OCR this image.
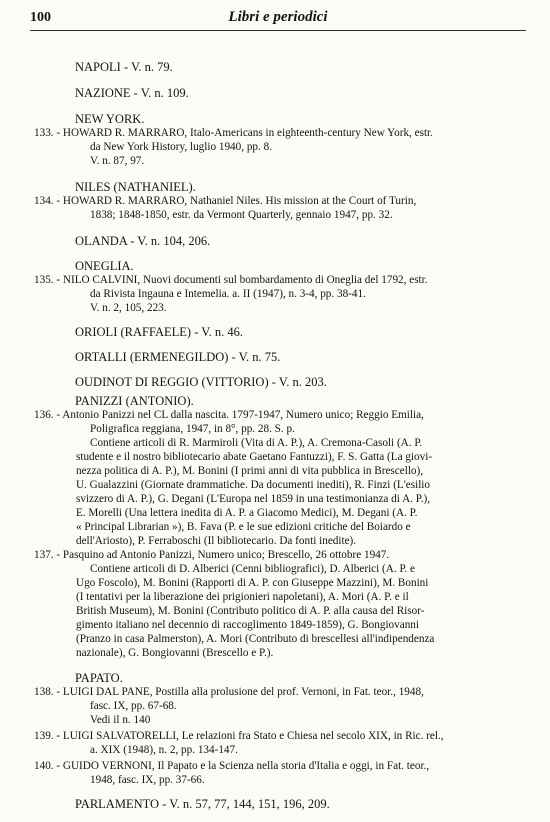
100	Libri e periodici
NAPOLI - V. n. 79.
NAZIONE - V. n. 109.
NEW YORK.
133. - HOWARD R. MARRARO, Italo-Americans in eighteenth-century New York, estr.
da New York History, luglio 1940, pp. 8.
V. n. 87, 97.
NILES (NATHANIEL).
134. - HOWARD R. MARRARO, Nathaniel Niles. His mission at the Court of Turin,
1838; 1848-1850, estr. da Vermont Quarterly, gennaio 1947, pp. 32.
OLANDA - V. n. 104, 206.
ONEGLIA.
135. - NILO CALVINI, Nuovi documenti sul bombardamento di Oneglia del 1792, estr.
da Rivista Ingauna e Intemelia. a. II (1947), n. 3-4, pp. 38-41.
V. n. 2, 105, 223.
ORIOLI (RAFFAELE) - V. n. 46.
ORTALLI (ERMENEGILDO) - V. n. 75.
OUDINOT DI REGGIO (VITTORIO) - V. n. 203.
PANIZZI (ANTONIO).
136. - Antonio Panizzi nel CL dalla nascita. 1797-1947, Numero unico; Reggio Emilia,
Poligrafica reggiana, 1947, in 8°, pp. 28. S. p.
Contiene articoli di R. Marmiroli (Vita di A. P.), A. Cremona-Casoli (A. P.
studente e il nostro bibliotecario abate Gaetano Fantuzzi), F. S. Gatta (La giovi-
nezza politica di A. P.), M. Bonini (I primi anni di vita pubblica in Brescello),
U. Gualazzini (Giornate drammatiche. Da documenti inediti), R. Finzi (L'esilio
svizzero di A. P.), G. Degani (L'Europa nel 1859 in una testimonianza di A. P.),
E. Morelli (Una lettera inedita di A. P. a Giacomo Medici), M. Degani (A. P.
« Principal Librarian »), B. Fava (P. e le sue edizioni critiche del Boiardo e
dell'Ariosto), P. Ferraboschi (Il bibliotecario. Da fonti inedite).
137. - Pasquino ad Antonio Panizzi, Numero unico; Brescello, 26 ottobre 1947.
Contiene articoli di D. Alberici (Cenni bibliografici), D. Alberici (A. P. e
Ugo Foscolo), M. Bonini (Rapporti di A. P. con Giuseppe Mazzini), M. Bonini
(I tentativi per la liberazione dei prigionieri napoletani), A. Mori (A. P. e il
British Museum), M. Bonini (Contributo politico di A. P. alla causa del Risor-
gimento italiano nel decennio di raccoglimento 1849-1859), G. Bongiovanni
(Pranzo in casa Palmerston), A. Mori (Contributo di brescellesi all'indipendenza
nazionale), G. Bongiovanni (Brescello e P.).
PAPATO.
138. - LUIGI DAL PANE, Postilla alla prolusione del prof. Vernoni, in Fat. teor., 1948,
fasc. IX, pp. 67-68.
Vedi il n. 140
139. - LUIGI SALVATORELLI, Le relazioni fra Stato e Chiesa nel secolo XIX, in Ric. rel.,
a. XIX (1948), n. 2, pp. 134-147.
140. - GUIDO VERNONI, Il Papato e la Scienza nella storia d'Italia e oggi, in Fat. teor.,
1948, fasc. IX, pp. 37-66.
PARLAMENTO - V. n. 57, 77, 144, 151, 196, 209.
